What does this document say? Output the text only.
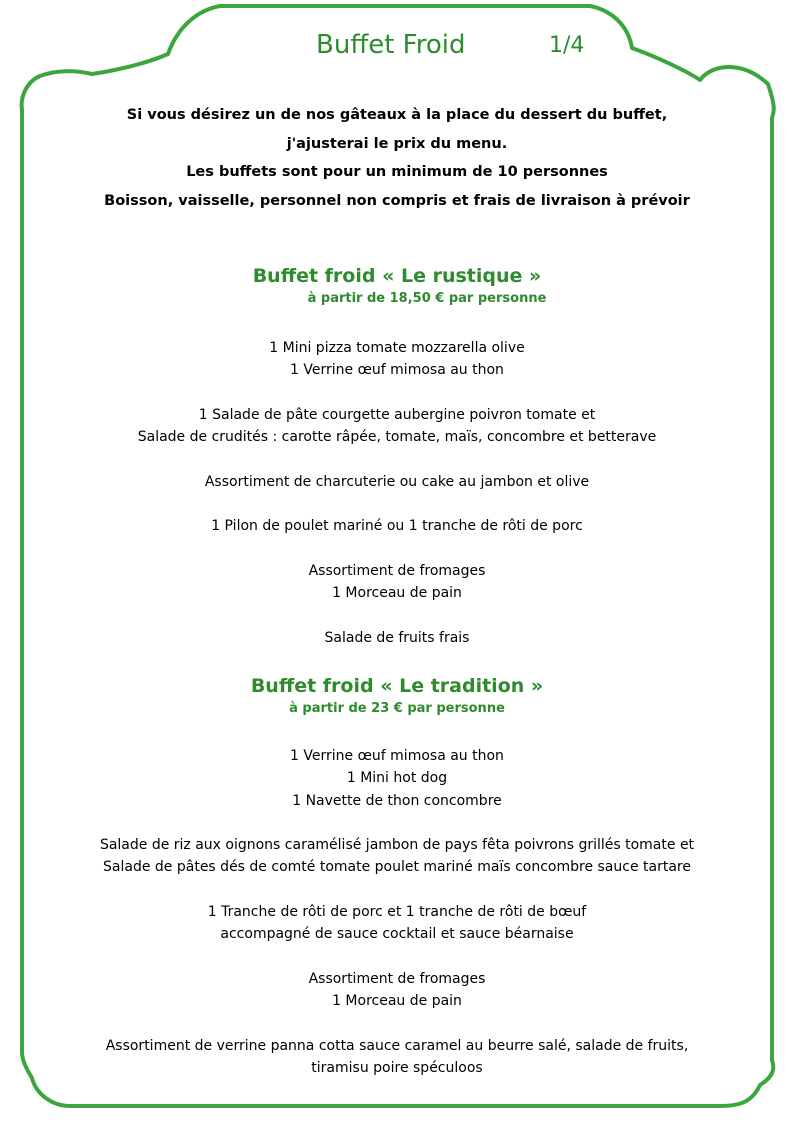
Buffet Froid	1/4
Si vous désirez un de nos gâteaux à la place du dessert du buffet,
j'ajusterai le prix du menu.
Les buffets sont pour un minimum de 10 personnes
Boisson, vaisselle, personnel non compris et frais de livraison à prévoir
Buffet froid « Le rustique »
à partir de 18,50 € par personne
1 Mini pizza tomate mozzarella olive
1 Verrine œuf mimosa au thon
1 Salade de pâte courgette aubergine poivron tomate et
Salade de crudités : carotte râpée, tomate, maïs, concombre et betterave
Assortiment de charcuterie ou cake au jambon et olive
1 Pilon de poulet mariné ou 1 tranche de rôti de porc
Assortiment de fromages
1 Morceau de pain
Salade de fruits frais
Buffet froid « Le tradition »
à partir de 23 € par personne
1 Verrine œuf mimosa au thon
1 Mini hot dog
1 Navette de thon concombre
Salade de riz aux oignons caramélisé jambon de pays fêta poivrons grillés tomate et
Salade de pâtes dés de comté tomate poulet mariné maïs concombre sauce tartare
1 Tranche de rôti de porc et 1 tranche de rôti de bœuf
accompagné de sauce cocktail et sauce béarnaise
Assortiment de fromages
1 Morceau de pain
Assortiment de verrine panna cotta sauce caramel au beurre salé, salade de fruits,
tiramisu poire spéculoos
